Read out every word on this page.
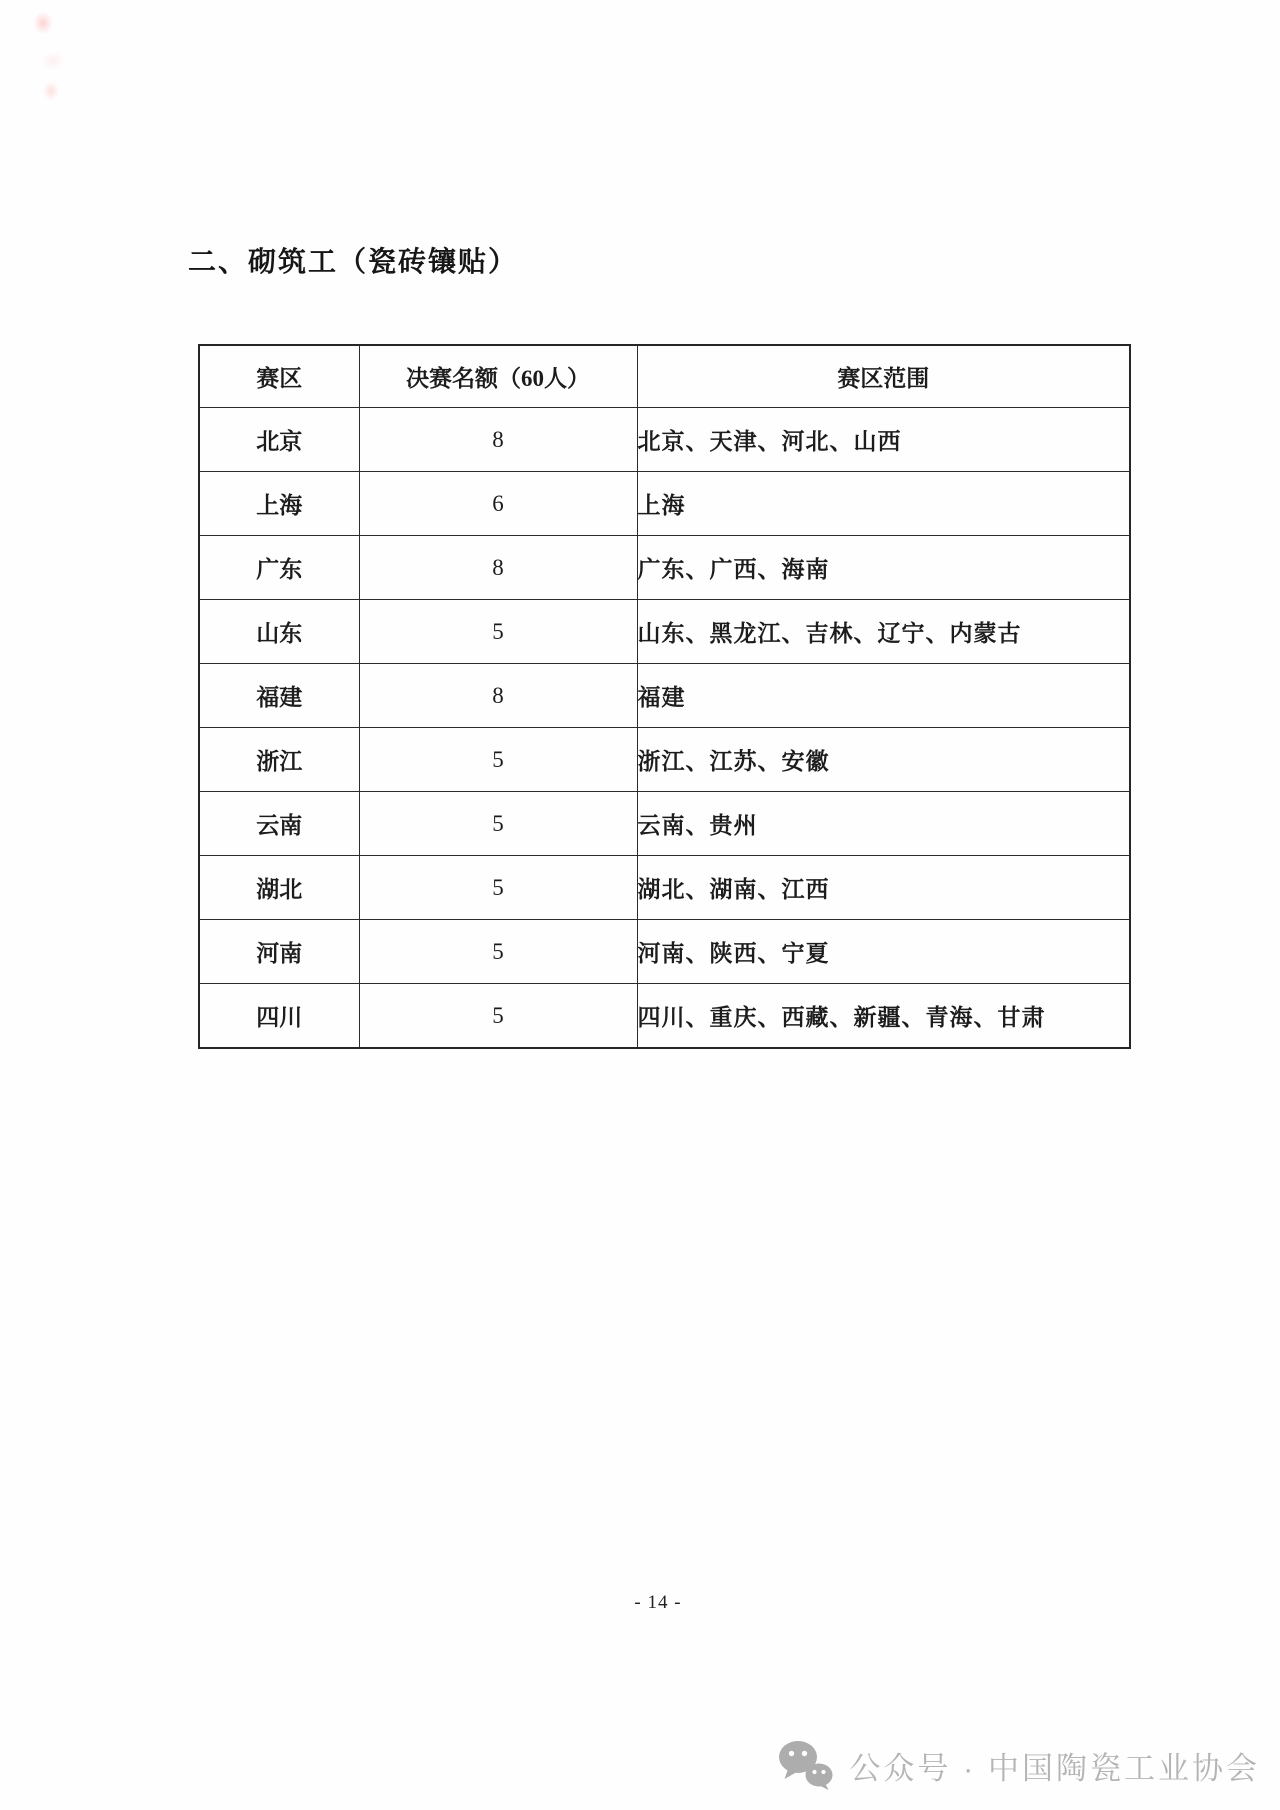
二、砌筑工（瓷砖镶贴）
赛区	决赛名额（60人）	赛区范围
北京	8	北京、天津、河北、山西
上海	6	上海
广东	8	广东、广西、海南
山东	5	山东、黑龙江、吉林、辽宁、内蒙古
福建	8	福建
浙江	5	浙江、江苏、安徽
云南	5	云南、贵州
湖北	5	湖北、湖南、江西
河南	5	河南、陕西、宁夏
四川	5	四川、重庆、西藏、新疆、青海、甘肃
- 14 -
公众号 · 中国陶瓷工业协会
